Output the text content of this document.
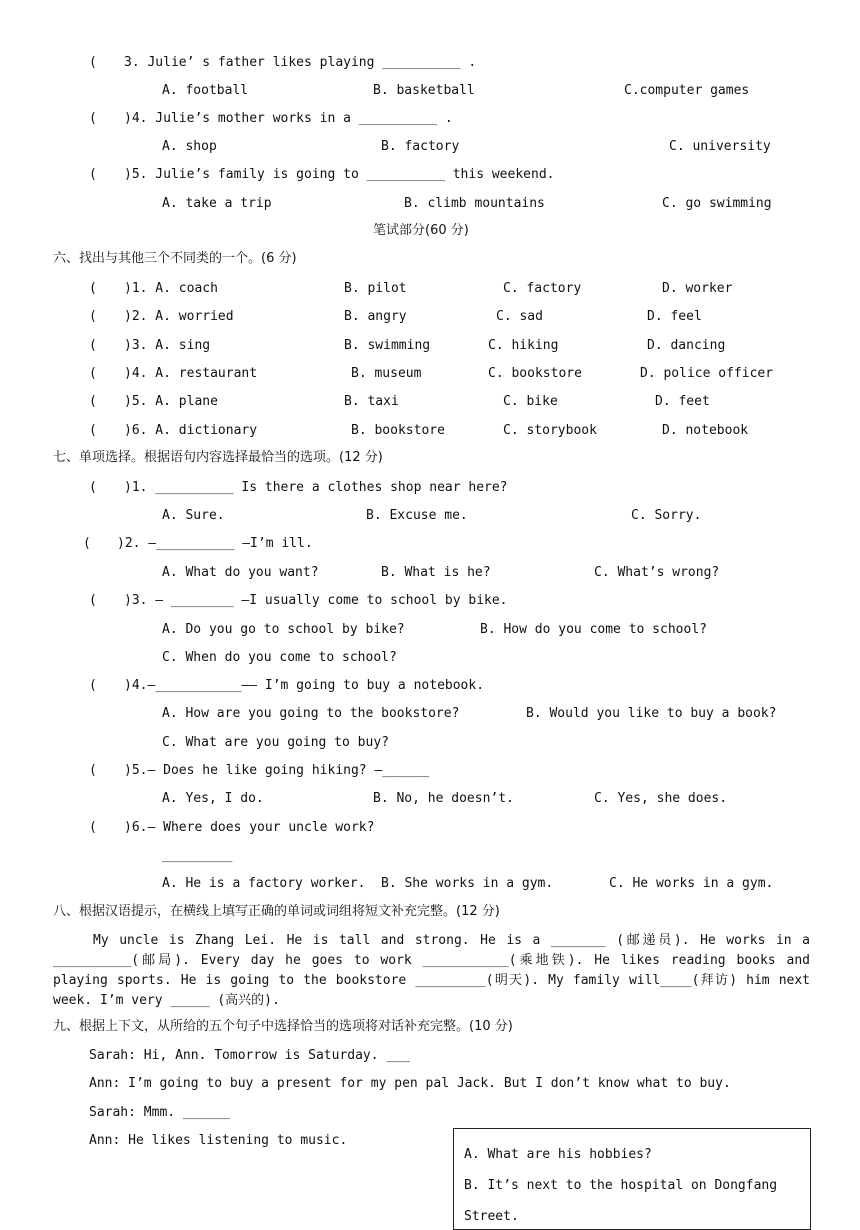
( 3. Julie’ s father likes playing __________ .
A. football	B. basketball	C.computer games
( )4. Julie’s mother works in a __________ .
A. shop	B. factory	C. university
( )5. Julie’s family is going to __________ this weekend.
A. take a trip	B. climb mountains	C. go swimming
笔试部分(60 分)
六、找出与其他三个不同类的一个。(6 分)
( )1. A. coach	B. pilot	C. factory	D. worker
( )2. A. worried	B. angry	C. sad	D. feel
( )3. A. sing	B. swimming	C. hiking	D. dancing
( )4. A. restaurant	B. museum	C. bookstore	D. police officer
( )5. A. plane	B. taxi	C. bike	D. feet
( )6. A. dictionary	B. bookstore	C. storybook	D. notebook
七、单项选择。根据语句内容选择最恰当的选项。(12 分)
( )1. __________ Is there a clothes shop near here?
A. Sure.	B. Excuse me.	C. Sorry.
( )2. —__________ —I’m ill.
A. What do you want?	B. What is he?	C. What’s wrong?
( )3. — ________ —I usually come to school by bike.
A. Do you go to school by bike?	B. How do you come to school?
C. When do you come to school?
( )4.—___________—— I’m going to buy a notebook.
A. How are you going to the bookstore?	B. Would you like to buy a book?
C. What are you going to buy?
( )5.— Does he like going hiking? —______
A. Yes, I do.	B. No, he doesn’t.	C. Yes, she does.
( )6.— Where does your uncle work?
_________
A. He is a factory worker. B. She works in a gym.	C. He works in a gym.
八、根据汉语提示，在横线上填写正确的单词或词组将短文补充完整。(12 分)
My uncle is Zhang Lei. He is tall and strong. He is a _______ (邮递员). He works in a __________(邮局). Every day he goes to work ___________(乘地铁). He likes reading books and playing sports. He is going to the bookstore _________(明天). My family will____(拜访) him next week. I’m very _____ (高兴的).
九、根据上下文，从所给的五个句子中选择恰当的选项将对话补充完整。(10 分)
Sarah: Hi, Ann. Tomorrow is Saturday. ___
Ann: I’m going to buy a present for my pen pal Jack. But I don’t know what to buy.
Sarah: Mmm. ______
Ann: He likes listening to music.
A. What are his hobbies?
B. It’s next to the hospital on Dongfang Street.
